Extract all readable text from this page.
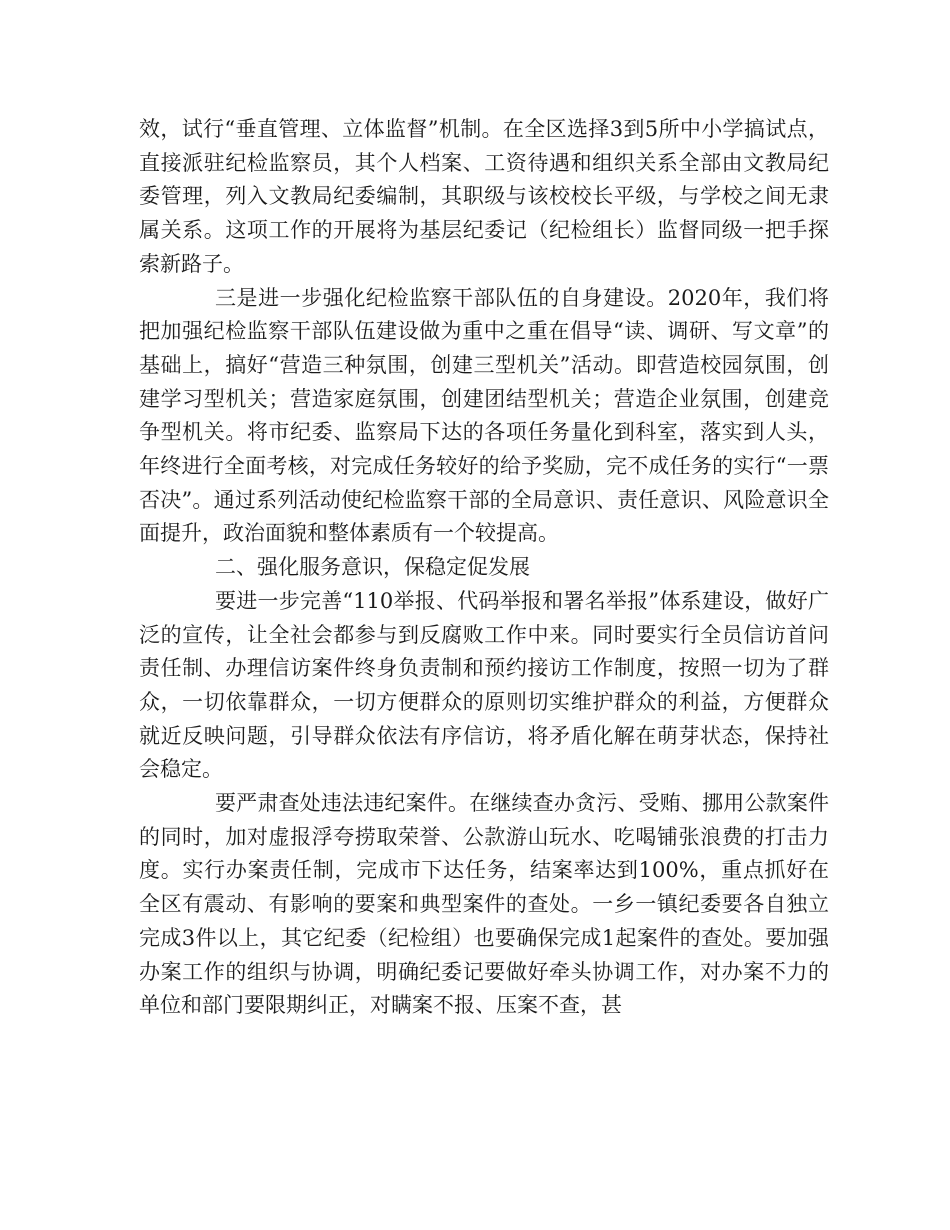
效，试行“垂直管理、立体监督”机制。在全区选择3到5所中小学搞试点，直接派驻纪检监察员，其个人档案、工资待遇和组织关系全部由文教局纪委管理，列入文教局纪委编制，其职级与该校校长平级，与学校之间无隶属关系。这项工作的开展将为基层纪委记（纪检组长）监督同级一把手探索新路子。

三是进一步强化纪检监察干部队伍的自身建设。2020年，我们将把加强纪检监察干部队伍建设做为重中之重在倡导“读、调研、写文章”的基础上，搞好“营造三种氛围，创建三型机关”活动。即营造校园氛围，创建学习型机关；营造家庭氛围，创建团结型机关；营造企业氛围，创建竞争型机关。将市纪委、监察局下达的各项任务量化到科室，落实到人头，年终进行全面考核，对完成任务较好的给予奖励，完不成任务的实行“一票否决”。通过系列活动使纪检监察干部的全局意识、责任意识、风险意识全面提升，政治面貌和整体素质有一个较提高。

二、强化服务意识，保稳定促发展

要进一步完善“110举报、代码举报和署名举报”体系建设，做好广泛的宣传，让全社会都参与到反腐败工作中来。同时要实行全员信访首问责任制、办理信访案件终身负责制和预约接访工作制度，按照一切为了群众，一切依靠群众，一切方便群众的原则切实维护群众的利益，方便群众就近反映问题，引导群众依法有序信访，将矛盾化解在萌芽状态，保持社会稳定。

要严肃查处违法违纪案件。在继续查办贪污、受贿、挪用公款案件的同时，加对虚报浮夸捞取荣誉、公款游山玩水、吃喝铺张浪费的打击力度。实行办案责任制，完成市下达任务，结案率达到100%，重点抓好在全区有震动、有影响的要案和典型案件的查处。一乡一镇纪委要各自独立完成3件以上，其它纪委（纪检组）也要确保完成1起案件的查处。要加强办案工作的组织与协调，明确纪委记要做好牵头协调工作，对办案不力的单位和部门要限期纠正，对瞒案不报、压案不查，甚
